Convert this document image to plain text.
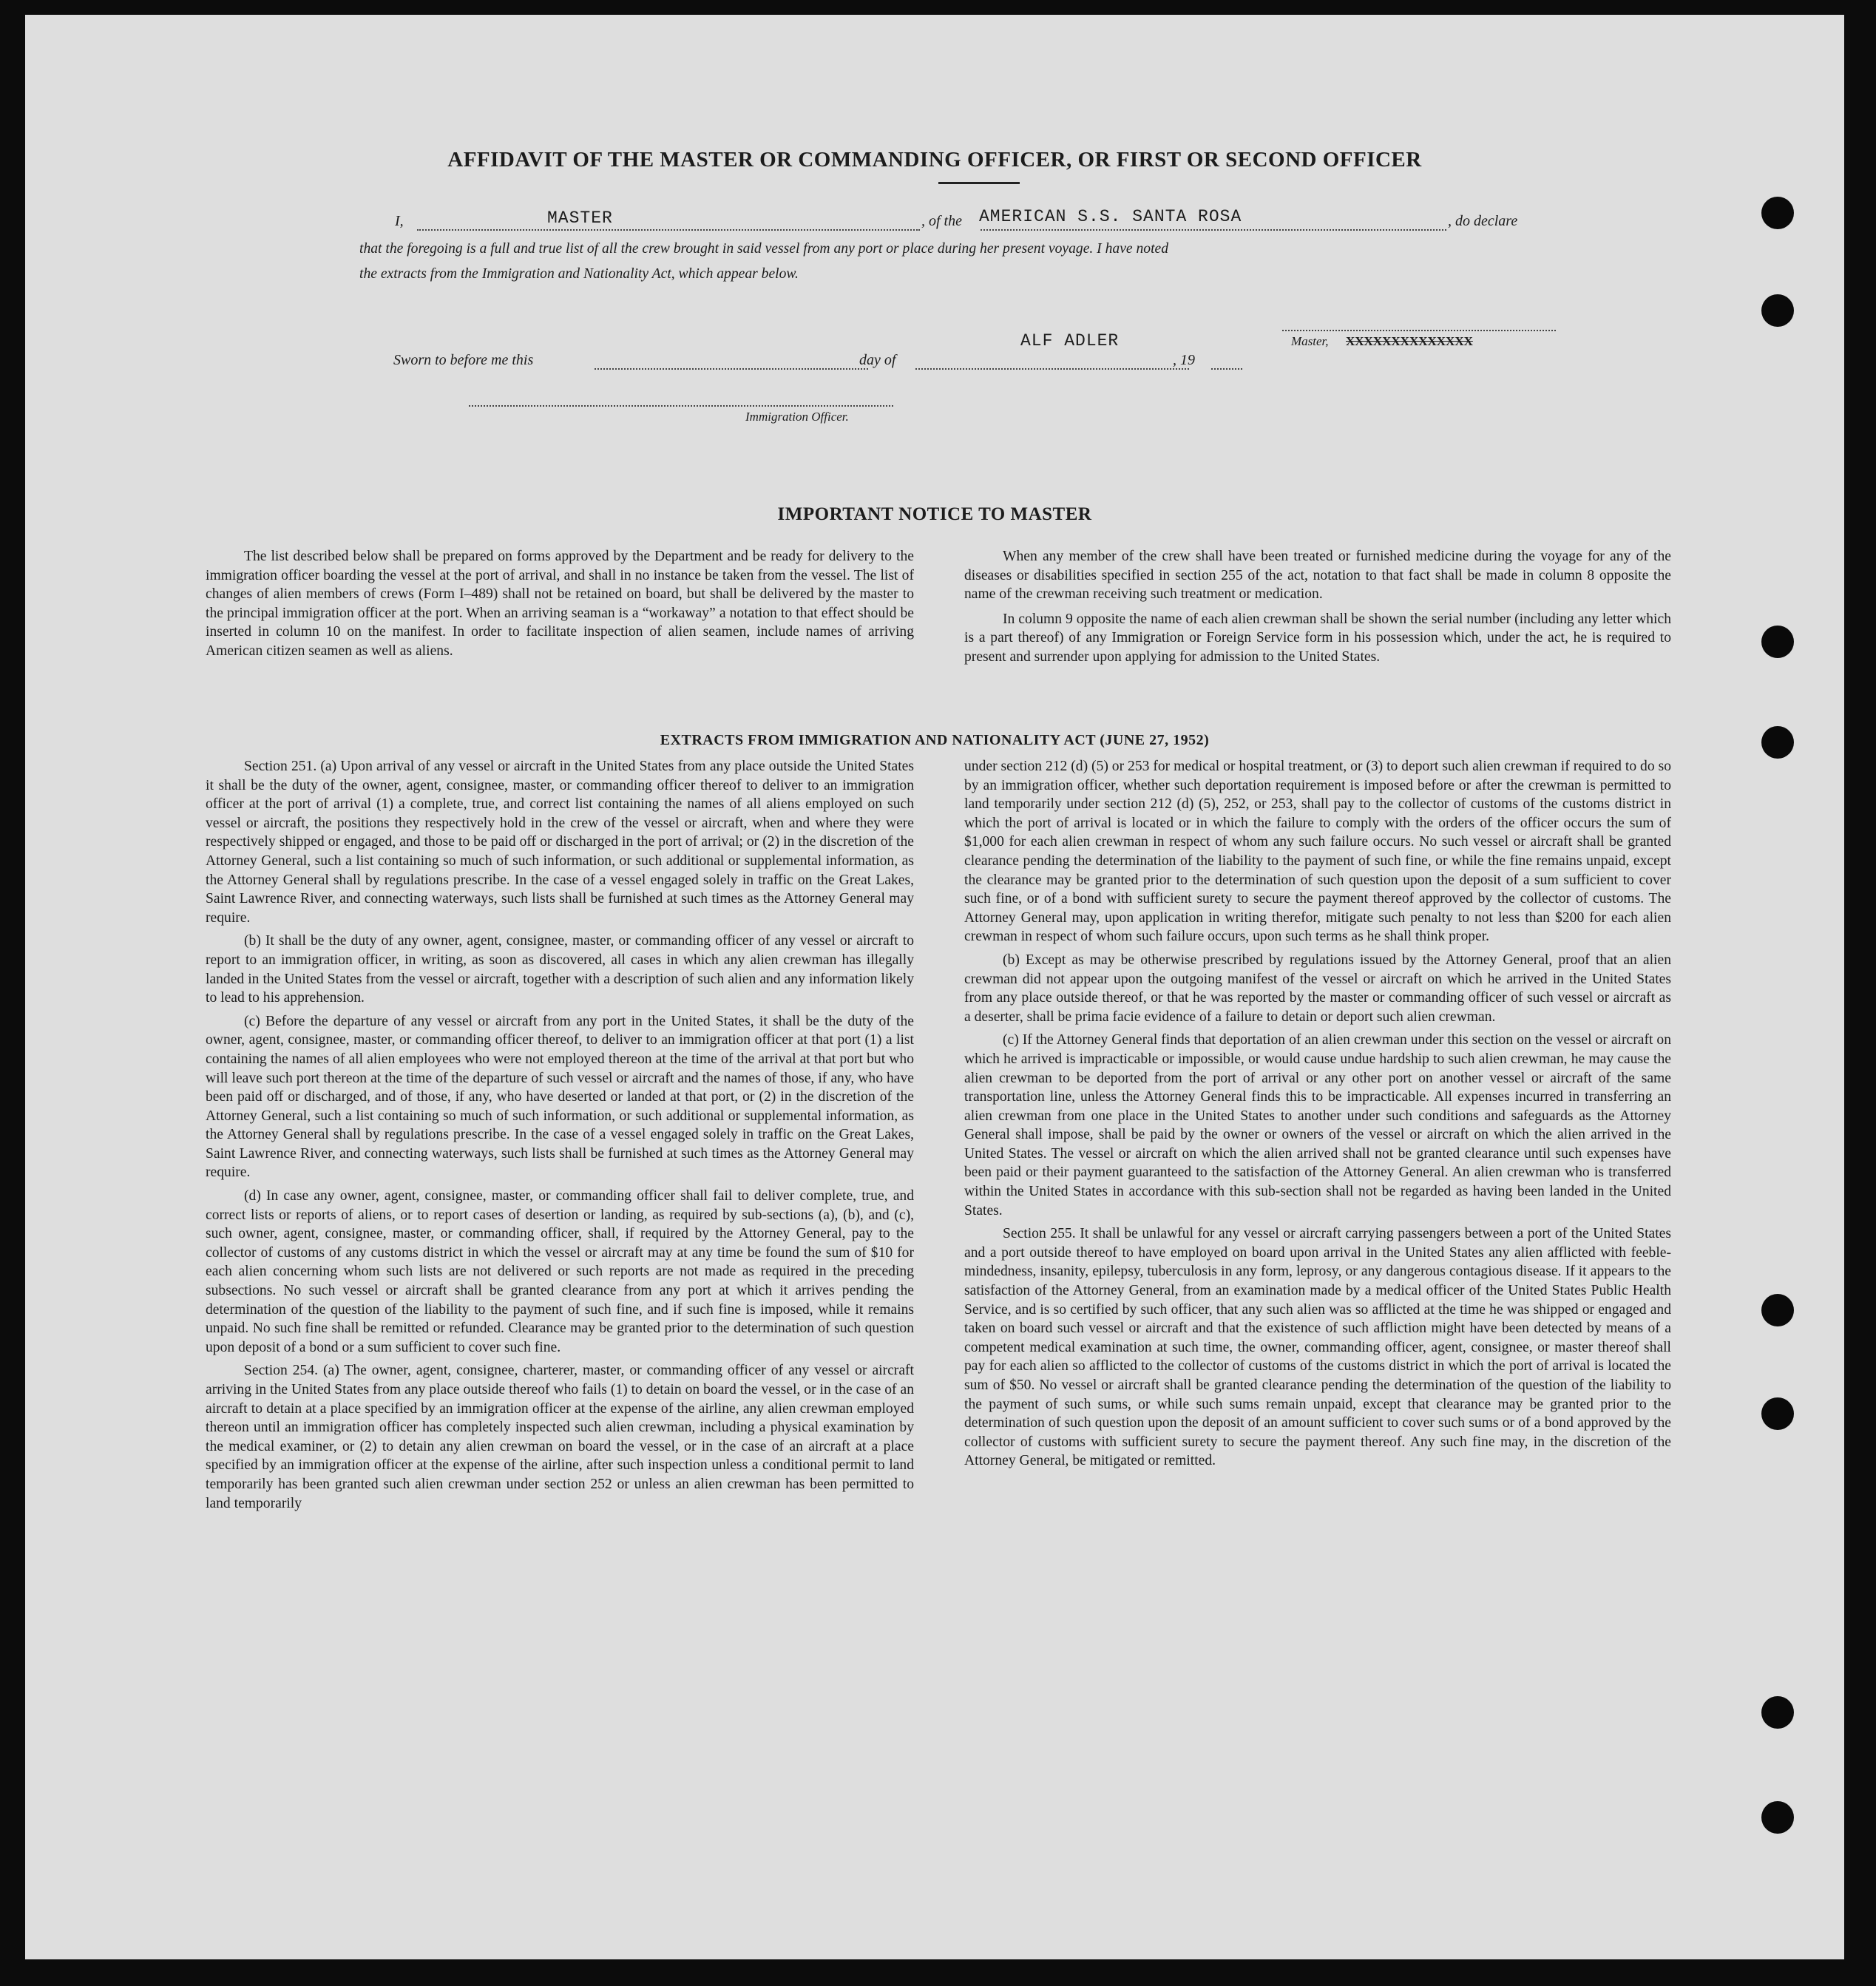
AFFIDAVIT OF THE MASTER OR COMMANDING OFFICER, OR FIRST OR SECOND OFFICER
I,	MASTER	, of the AMERICAN S.S. SANTA ROSA	, do declare
that the foregoing is a full and true list of all the crew brought in said vessel from any port or place during her present voyage. I have noted
the extracts from the Immigration and Nationality Act, which appear below.
Sworn to before me this	day of	, 19
ALF ADLER	Master, XXXXXXXXXXXXXX
Immigration Officer.
IMPORTANT NOTICE TO MASTER

The list described below shall be prepared on forms approved by the Department and be ready for delivery to the immigration officer boarding the vessel at the port of arrival, and shall in no instance be taken from the vessel. The list of changes of alien members of crews (Form I–489) shall not be retained on board, but shall be delivered by the master to the principal immigration officer at the port. When an arriving seaman is a “workaway” a notation to that effect should be inserted in column 10 on the manifest. In order to facilitate inspection of alien seamen, include names of arriving American citizen seamen as well as aliens.

When any member of the crew shall have been treated or furnished medicine during the voyage for any of the diseases or disabilities specified in section 255 of the act, notation to that fact shall be made in column 8 opposite the name of the crewman receiving such treatment or medication.

In column 9 opposite the name of each alien crewman shall be shown the serial number (including any letter which is a part thereof) of any Immigration or Foreign Service form in his possession which, under the act, he is required to present and surrender upon applying for admission to the United States.

EXTRACTS FROM IMMIGRATION AND NATIONALITY ACT (JUNE 27, 1952)

Section 251. (a) Upon arrival of any vessel or aircraft in the United States from any place outside the United States it shall be the duty of the owner, agent, consignee, master, or commanding officer thereof to deliver to an immigration officer at the port of arrival (1) a complete, true, and correct list containing the names of all aliens employed on such vessel or aircraft, the positions they respectively hold in the crew of the vessel or aircraft, when and where they were respectively shipped or engaged, and those to be paid off or discharged in the port of arrival; or (2) in the discretion of the Attorney General, such a list containing so much of such information, or such additional or supplemental information, as the Attorney General shall by regulations prescribe. In the case of a vessel engaged solely in traffic on the Great Lakes, Saint Lawrence River, and connecting waterways, such lists shall be furnished at such times as the Attorney General may require.

(b) It shall be the duty of any owner, agent, consignee, master, or commanding officer of any vessel or aircraft to report to an immigration officer, in writing, as soon as discovered, all cases in which any alien crewman has illegally landed in the United States from the vessel or aircraft, together with a description of such alien and any information likely to lead to his apprehension.

(c) Before the departure of any vessel or aircraft from any port in the United States, it shall be the duty of the owner, agent, consignee, master, or commanding officer thereof, to deliver to an immigration officer at that port (1) a list containing the names of all alien employees who were not employed thereon at the time of the arrival at that port but who will leave such port thereon at the time of the departure of such vessel or aircraft and the names of those, if any, who have been paid off or discharged, and of those, if any, who have deserted or landed at that port, or (2) in the discretion of the Attorney General, such a list containing so much of such information, or such additional or supplemental information, as the Attorney General shall by regulations prescribe. In the case of a vessel engaged solely in traffic on the Great Lakes, Saint Lawrence River, and connecting waterways, such lists shall be furnished at such times as the Attorney General may require.

(d) In case any owner, agent, consignee, master, or commanding officer shall fail to deliver complete, true, and correct lists or reports of aliens, or to report cases of desertion or landing, as required by sub-sections (a), (b), and (c), such owner, agent, consignee, master, or commanding officer, shall, if required by the Attorney General, pay to the collector of customs of any customs district in which the vessel or aircraft may at any time be found the sum of $10 for each alien concerning whom such lists are not delivered or such reports are not made as required in the preceding subsections. No such vessel or aircraft shall be granted clearance from any port at which it arrives pending the determination of the question of the liability to the payment of such fine, and if such fine is imposed, while it remains unpaid. No such fine shall be remitted or refunded. Clearance may be granted prior to the determination of such question upon deposit of a bond or a sum sufficient to cover such fine.

Section 254. (a) The owner, agent, consignee, charterer, master, or commanding officer of any vessel or aircraft arriving in the United States from any place outside thereof who fails (1) to detain on board the vessel, or in the case of an aircraft to detain at a place specified by an immigration officer at the expense of the airline, any alien crewman employed thereon until an immigration officer has completely inspected such alien crewman, including a physical examination by the medical examiner, or (2) to detain any alien crewman on board the vessel, or in the case of an aircraft at a place specified by an immigration officer at the expense of the airline, after such inspection unless a conditional permit to land temporarily has been granted such alien crewman under section 252 or unless an alien crewman has been permitted to land temporarily

under section 212 (d) (5) or 253 for medical or hospital treatment, or (3) to deport such alien crewman if required to do so by an immigration officer, whether such deportation requirement is imposed before or after the crewman is permitted to land temporarily under section 212 (d) (5), 252, or 253, shall pay to the collector of customs of the customs district in which the port of arrival is located or in which the failure to comply with the orders of the officer occurs the sum of $1,000 for each alien crewman in respect of whom any such failure occurs. No such vessel or aircraft shall be granted clearance pending the determination of the liability to the payment of such fine, or while the fine remains unpaid, except the clearance may be granted prior to the determination of such question upon the deposit of a sum sufficient to cover such fine, or of a bond with sufficient surety to secure the payment thereof approved by the collector of customs. The Attorney General may, upon application in writing therefor, mitigate such penalty to not less than $200 for each alien crewman in respect of whom such failure occurs, upon such terms as he shall think proper.

(b) Except as may be otherwise prescribed by regulations issued by the Attorney General, proof that an alien crewman did not appear upon the outgoing manifest of the vessel or aircraft on which he arrived in the United States from any place outside thereof, or that he was reported by the master or commanding officer of such vessel or aircraft as a deserter, shall be prima facie evidence of a failure to detain or deport such alien crewman.

(c) If the Attorney General finds that deportation of an alien crewman under this section on the vessel or aircraft on which he arrived is impracticable or impossible, or would cause undue hardship to such alien crewman, he may cause the alien crewman to be deported from the port of arrival or any other port on another vessel or aircraft of the same transportation line, unless the Attorney General finds this to be impracticable. All expenses incurred in transferring an alien crewman from one place in the United States to another under such conditions and safeguards as the Attorney General shall impose, shall be paid by the owner or owners of the vessel or aircraft on which the alien arrived in the United States. The vessel or aircraft on which the alien arrived shall not be granted clearance until such expenses have been paid or their payment guaranteed to the satisfaction of the Attorney General. An alien crewman who is transferred within the United States in accordance with this sub-section shall not be regarded as having been landed in the United States.

Section 255. It shall be unlawful for any vessel or aircraft carrying passengers between a port of the United States and a port outside thereof to have employed on board upon arrival in the United States any alien afflicted with feeble-mindedness, insanity, epilepsy, tuberculosis in any form, leprosy, or any dangerous contagious disease. If it appears to the satisfaction of the Attorney General, from an examination made by a medical officer of the United States Public Health Service, and is so certified by such officer, that any such alien was so afflicted at the time he was shipped or engaged and taken on board such vessel or aircraft and that the existence of such affliction might have been detected by means of a competent medical examination at such time, the owner, commanding officer, agent, consignee, or master thereof shall pay for each alien so afflicted to the collector of customs of the customs district in which the port of arrival is located the sum of $50. No vessel or aircraft shall be granted clearance pending the determination of the question of the liability to the payment of such sums, or while such sums remain unpaid, except that clearance may be granted prior to the determination of such question upon the deposit of an amount sufficient to cover such sums or of a bond approved by the collector of customs with sufficient surety to secure the payment thereof. Any such fine may, in the discretion of the Attorney General, be mitigated or remitted.
